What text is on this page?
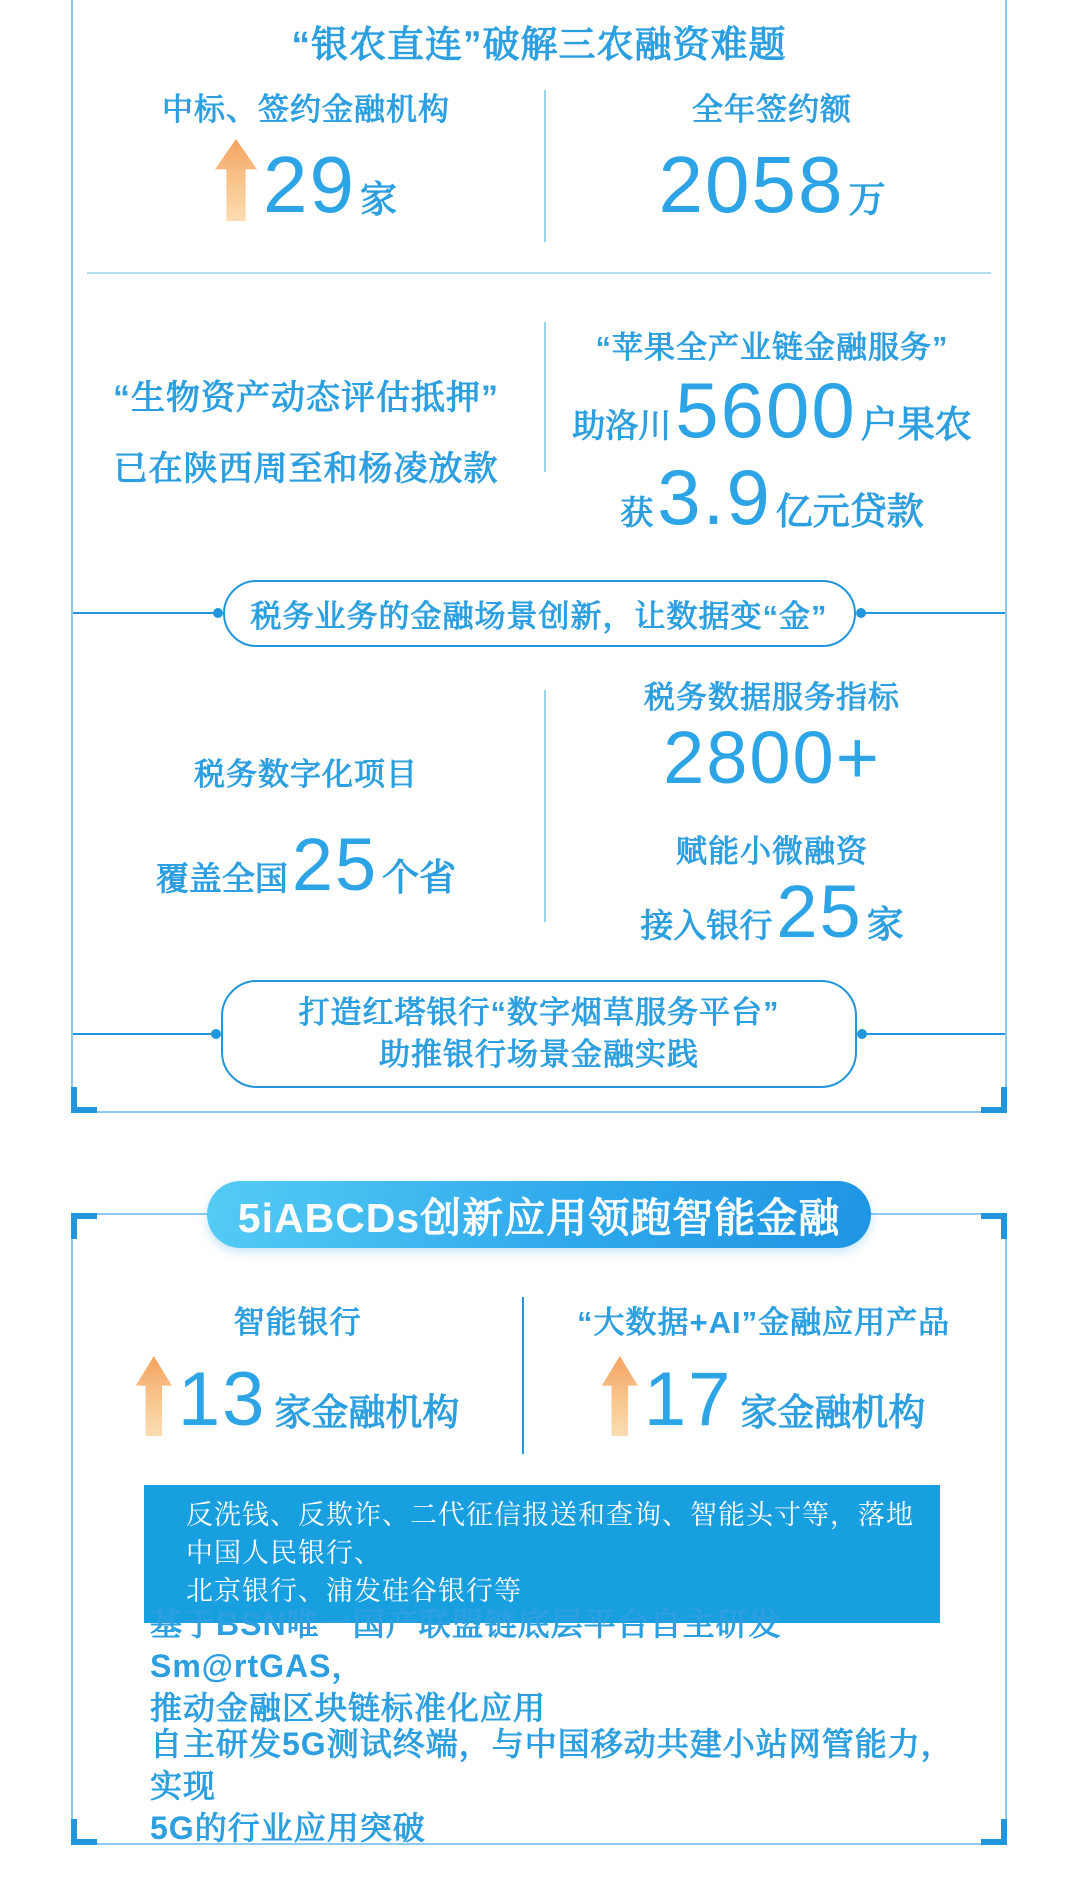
“银农直连”破解三农融资难题
中标、签约金融机构
29 家
全年签约额
2058 万
“生物资产动态评估抵押”
已在陕西周至和杨凌放款
“苹果全产业链金融服务”
助洛川 5600 户果农
获 3.9 亿元贷款
税务业务的金融场景创新，让数据变“金”
税务数字化项目
覆盖全国 25 个省
税务数据服务指标
2800+
赋能小微融资
接入银行 25 家
打造红塔银行“数字烟草服务平台”
助推银行场景金融实践
5iABCDs创新应用领跑智能金融
智能银行
13 家金融机构
“大数据+AI”金融应用产品
17 家金融机构
反洗钱、反欺诈、二代征信报送和查询、智能头寸等，落地中国人民银行、
北京银行、浦发硅谷银行等
基于BSN唯一国产联盟链底层平台自主研发Sm@rtGAS，
推动金融区块链标准化应用
自主研发5G测试终端，与中国移动共建小站网管能力，实现
5G的行业应用突破
